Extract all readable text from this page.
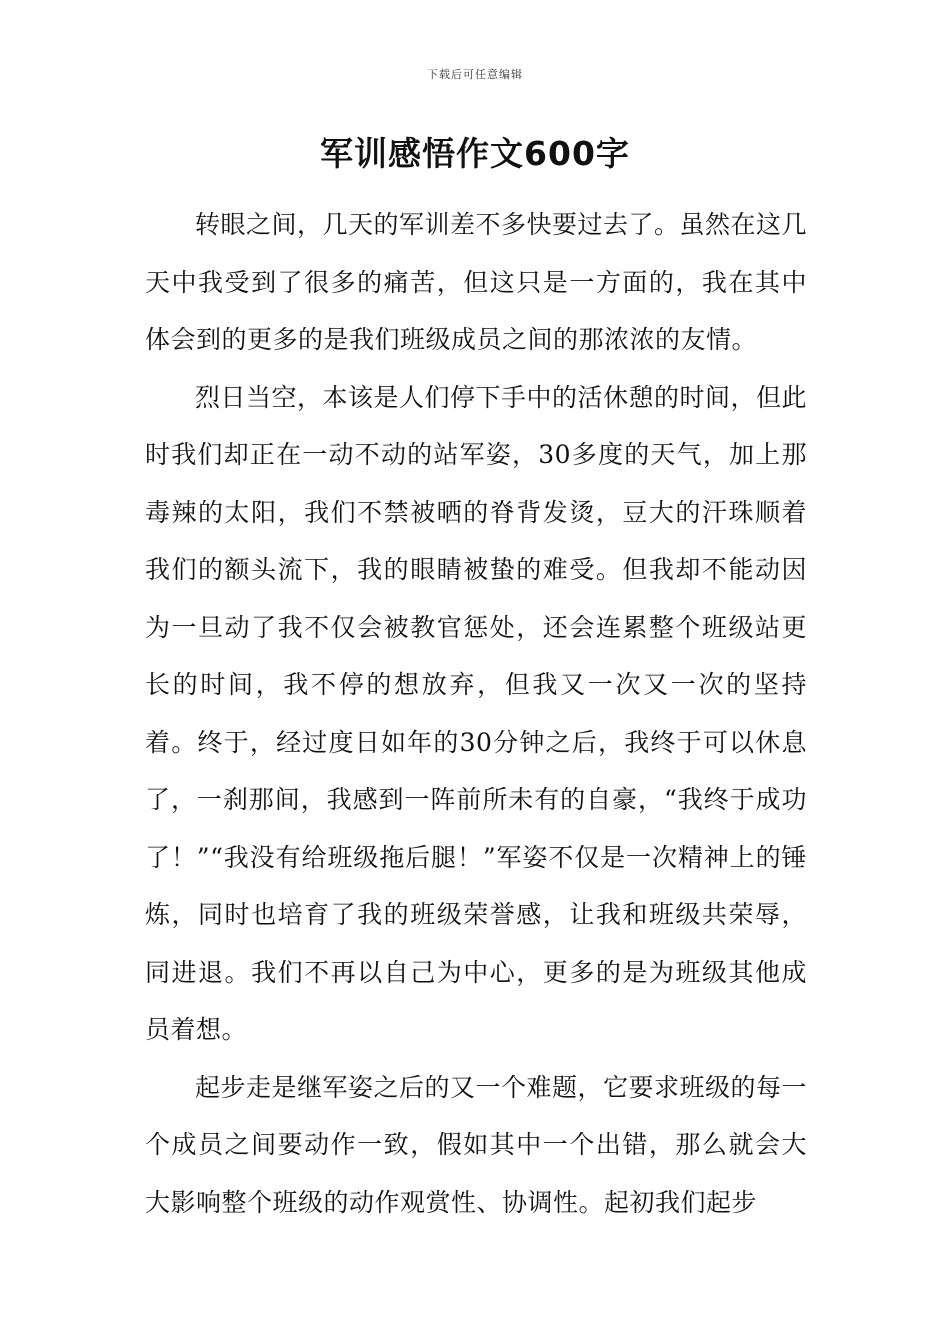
下载后可任意编辑
军训感悟作文600字

转眼之间，几天的军训差不多快要过去了。虽然在这几天中我受到了很多的痛苦，但这只是一方面的，我在其中体会到的更多的是我们班级成员之间的那浓浓的友情。

烈日当空，本该是人们停下手中的活休憩的时间，但此时我们却正在一动不动的站军姿，30多度的天气，加上那毒辣的太阳，我们不禁被晒的脊背发烫，豆大的汗珠顺着我们的额头流下，我的眼睛被蛰的难受。但我却不能动因为一旦动了我不仅会被教官惩处，还会连累整个班级站更长的时间，我不停的想放弃，但我又一次又一次的坚持着。终于，经过度日如年的30分钟之后，我终于可以休息了，一刹那间，我感到一阵前所未有的自豪，“我终于成功了！”“我没有给班级拖后腿！”军姿不仅是一次精神上的锤炼，同时也培育了我的班级荣誉感，让我和班级共荣辱，同进退。我们不再以自己为中心，更多的是为班级其他成员着想。

起步走是继军姿之后的又一个难题，它要求班级的每一个成员之间要动作一致，假如其中一个出错，那么就会大大影响整个班级的动作观赏性、协调性。起初我们起步
